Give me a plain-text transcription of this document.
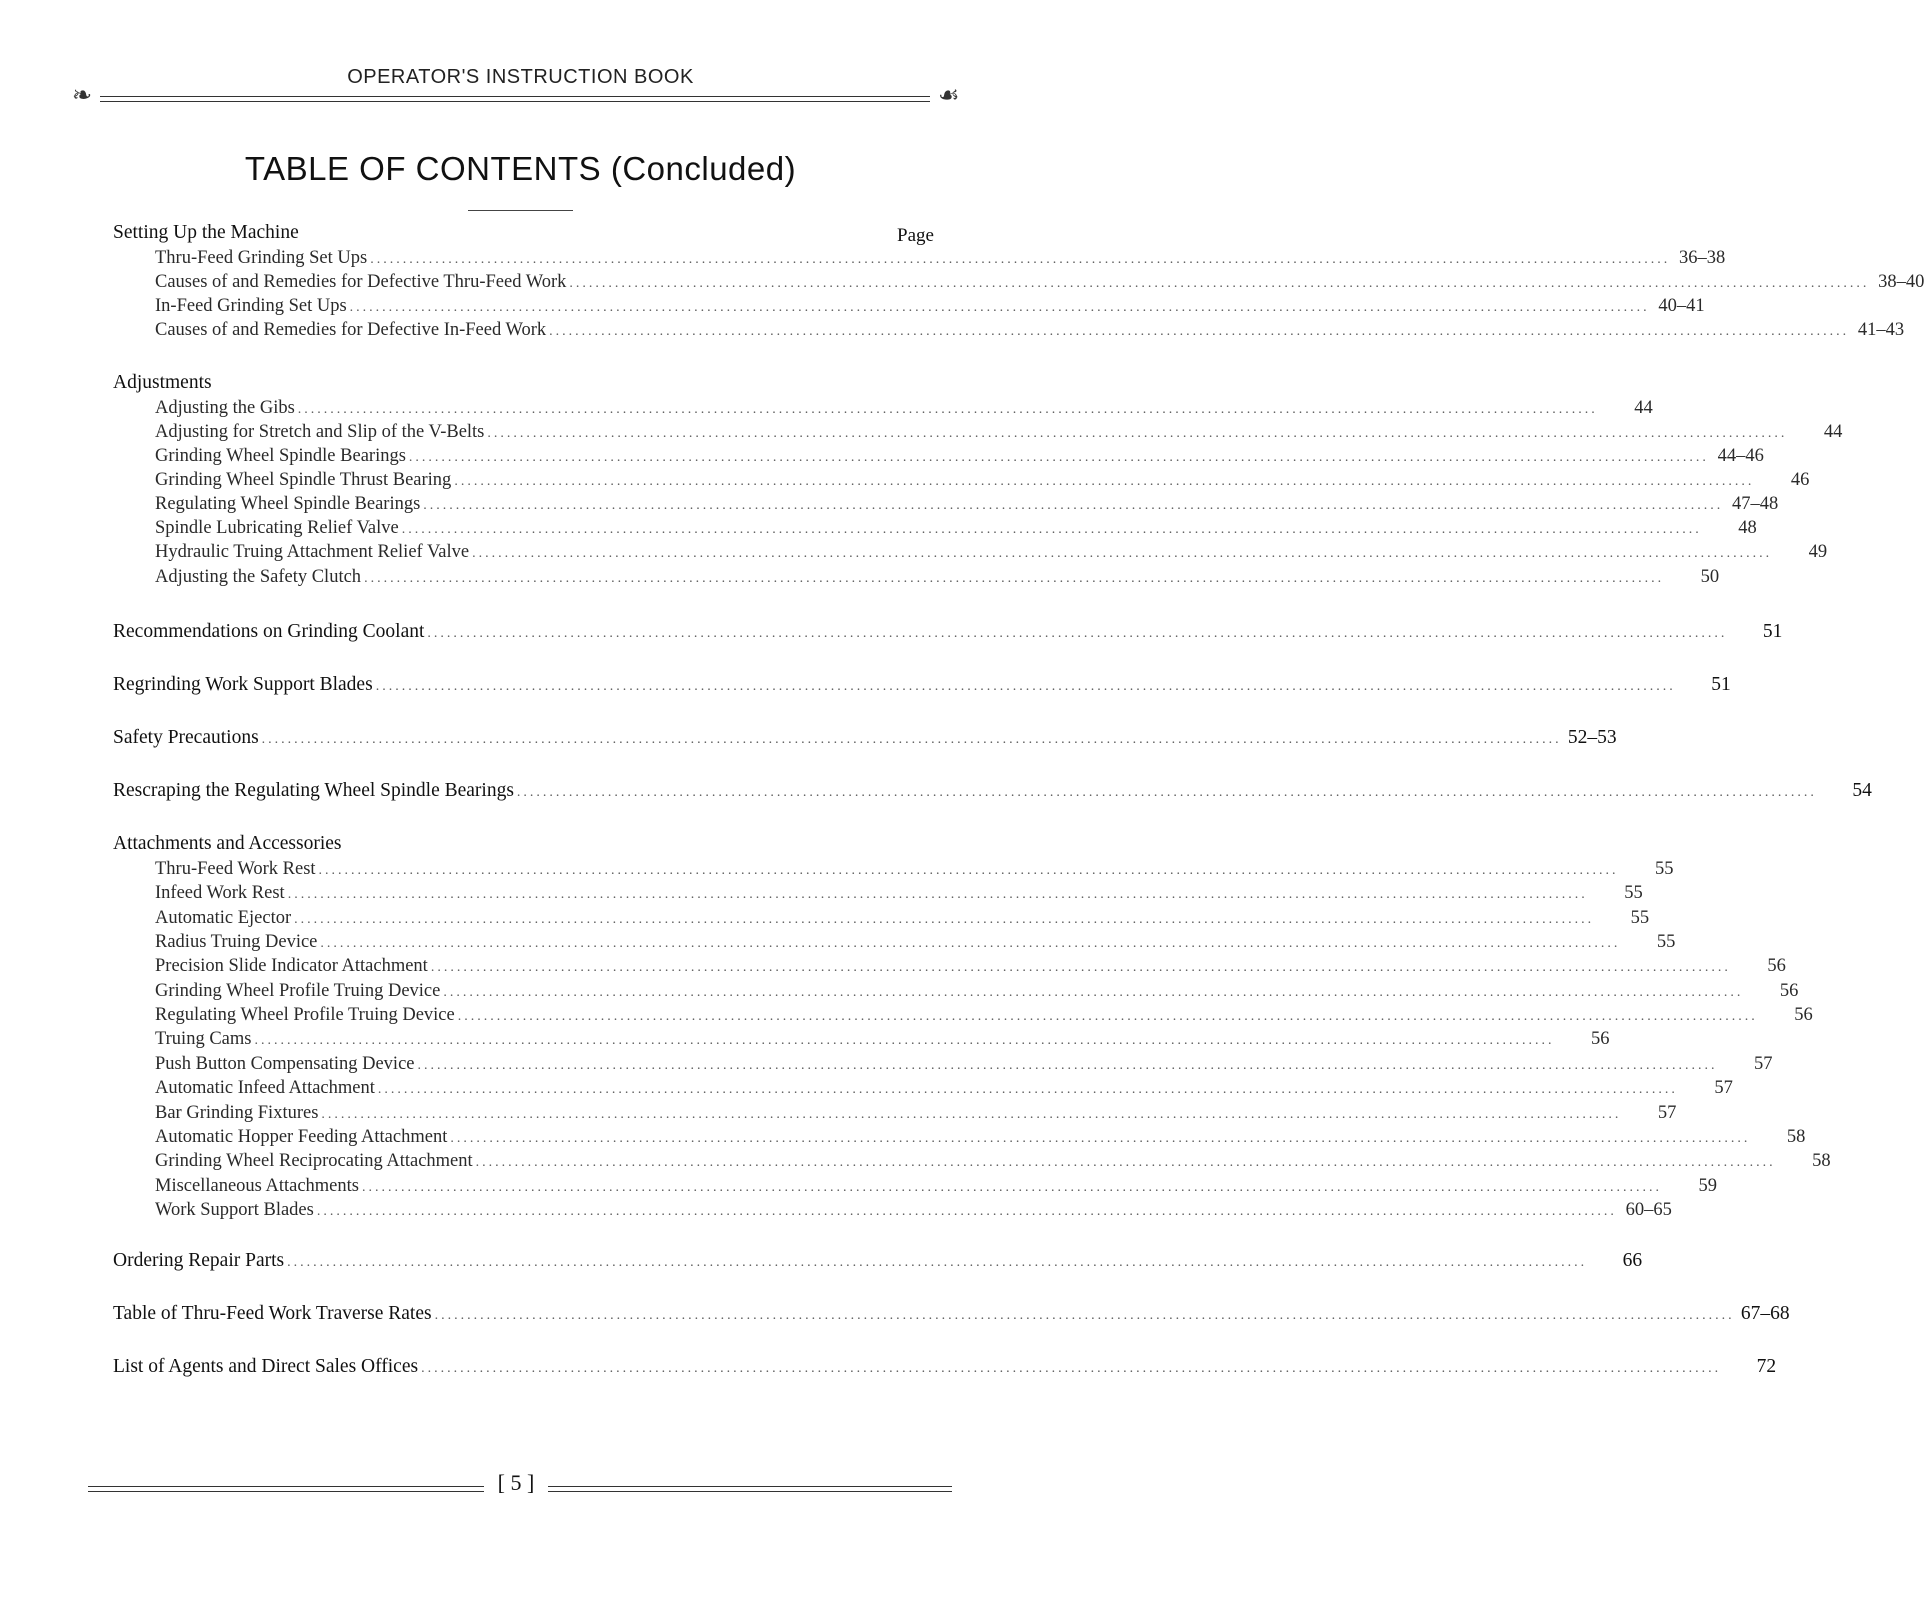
OPERATOR'S INSTRUCTION BOOK
❧	☙
TABLE OF CONTENTS (Concluded)
Setting Up the Machine	Page
Thru-Feed Grinding Set Ups ........................................................................................................................................................................................................ 36–38
Causes of and Remedies for Defective Thru-Feed Work ........................................................................................................................................................................................................ 38–40
In-Feed Grinding Set Ups ........................................................................................................................................................................................................ 40–41
Causes of and Remedies for Defective In-Feed Work ........................................................................................................................................................................................................ 41–43
Adjustments
Adjusting the Gibs ........................................................................................................................................................................................................	44
Adjusting for Stretch and Slip of the V-Belts ........................................................................................................................................................................................................	44
Grinding Wheel Spindle Bearings ........................................................................................................................................................................................................ 44–46
Grinding Wheel Spindle Thrust Bearing ........................................................................................................................................................................................................	46
Regulating Wheel Spindle Bearings ........................................................................................................................................................................................................ 47–48
Spindle Lubricating Relief Valve ........................................................................................................................................................................................................	48
Hydraulic Truing Attachment Relief Valve ........................................................................................................................................................................................................	49
Adjusting the Safety Clutch ........................................................................................................................................................................................................	50
Recommendations on Grinding Coolant ........................................................................................................................................................................................................	51
Regrinding Work Support Blades ........................................................................................................................................................................................................	51
Safety Precautions ........................................................................................................................................................................................................ 52–53
Rescraping the Regulating Wheel Spindle Bearings ........................................................................................................................................................................................................	54
Attachments and Accessories
Thru-Feed Work Rest ........................................................................................................................................................................................................	55
Infeed Work Rest ........................................................................................................................................................................................................	55
Automatic Ejector ........................................................................................................................................................................................................	55
Radius Truing Device ........................................................................................................................................................................................................	55
Precision Slide Indicator Attachment ........................................................................................................................................................................................................	56
Grinding Wheel Profile Truing Device ........................................................................................................................................................................................................	56
Regulating Wheel Profile Truing Device ........................................................................................................................................................................................................	56
Truing Cams ........................................................................................................................................................................................................	56
Push Button Compensating Device ........................................................................................................................................................................................................	57
Automatic Infeed Attachment ........................................................................................................................................................................................................	57
Bar Grinding Fixtures ........................................................................................................................................................................................................	57
Automatic Hopper Feeding Attachment ........................................................................................................................................................................................................	58
Grinding Wheel Reciprocating Attachment ........................................................................................................................................................................................................	58
Miscellaneous Attachments ........................................................................................................................................................................................................	59
Work Support Blades ........................................................................................................................................................................................................ 60–65
Ordering Repair Parts ........................................................................................................................................................................................................	66
Table of Thru-Feed Work Traverse Rates ........................................................................................................................................................................................................ 67–68
List of Agents and Direct Sales Offices ........................................................................................................................................................................................................	72
[ 5 ]
